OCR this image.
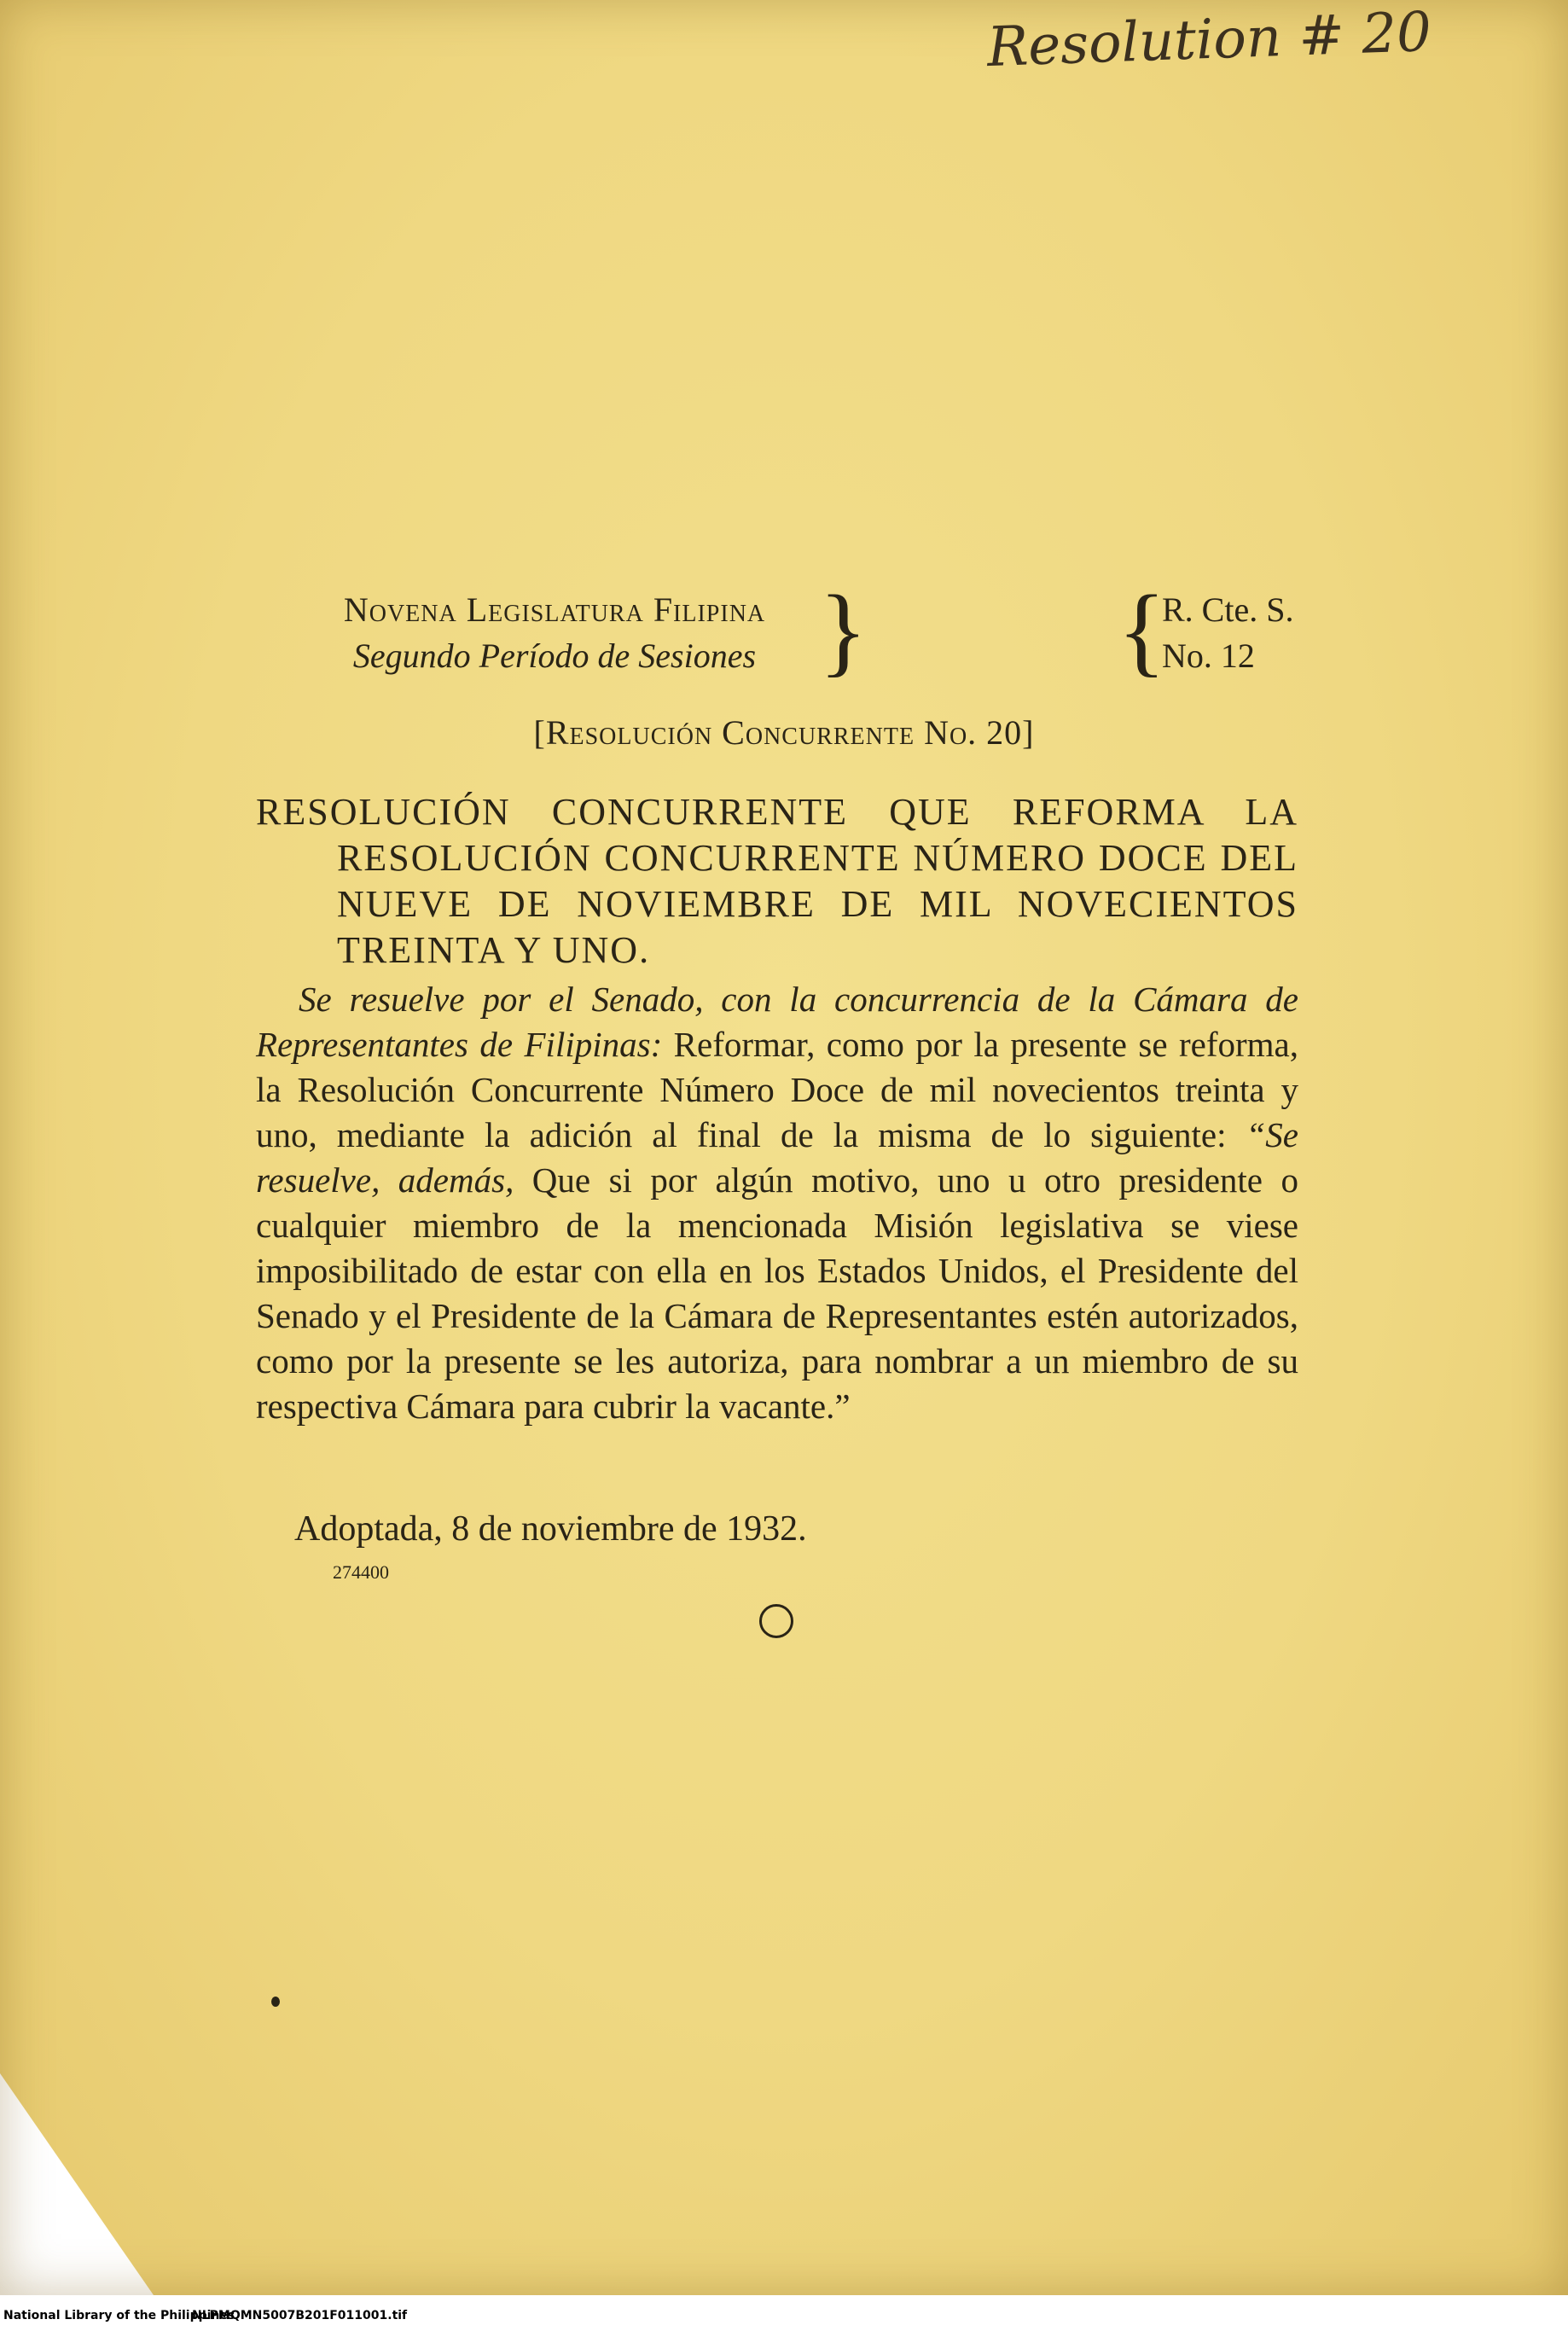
Resolution # 20
Novena Legislatura Filipina
Segundo Período de Sesiones } {
R. Cte. S.
No. 12
[Resolución Concurrente No. 20]

RESOLUCIÓN CONCURRENTE QUE REFORMA LA RESOLUCIÓN CONCURRENTE NÚMERO DOCE DEL NUEVE DE NOVIEMBRE DE MIL NOVECIENTOS TREINTA Y UNO.

Se resuelve por el Senado, con la concurrencia de la Cámara de Representantes de Filipinas: Reformar, como por la presente se reforma, la Resolución Concurrente Número Doce de mil novecientos treinta y uno, mediante la adición al final de la misma de lo siguiente: “Se resuelve, además, Que si por algún motivo, uno u otro presidente o cualquier miembro de la mencionada Misión legislativa se viese imposibilitado de estar con ella en los Estados Unidos, el Presidente del Senado y el Presidente de la Cámara de Representantes estén autorizados, como por la presente se les autoriza, para nombrar a un miembro de su respectiva Cámara para cubrir la vacante.”

Adoptada, 8 de noviembre de 1932.
274400
National Library of the Philippines
NLPMQMN5007B201F011001.tif
